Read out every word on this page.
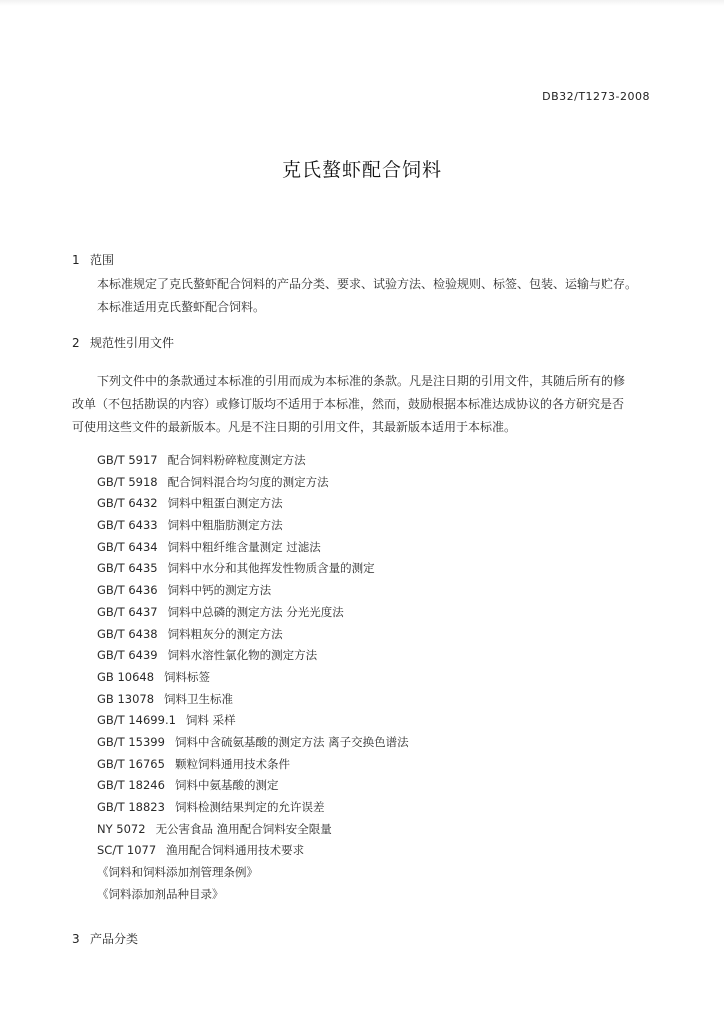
DB32/T1273-2008
克氏螯虾配合饲料
1 范围
本标准规定了克氏螯虾配合饲料的产品分类、要求、试验方法、检验规则、标签、包装、运输与贮存。
本标准适用克氏螯虾配合饲料。
2 规范性引用文件
下列文件中的条款通过本标准的引用而成为本标准的条款。凡是注日期的引用文件，其随后所有的修
改单（不包括勘误的内容）或修订版均不适用于本标准，然而，鼓励根据本标准达成协议的各方研究是否
可使用这些文件的最新版本。凡是不注日期的引用文件，其最新版本适用于本标准。
GB/T 5917 配合饲料粉碎粒度测定方法
GB/T 5918 配合饲料混合均匀度的测定方法
GB/T 6432 饲料中粗蛋白测定方法
GB/T 6433 饲料中粗脂肪测定方法
GB/T 6434 饲料中粗纤维含量测定 过滤法
GB/T 6435 饲料中水分和其他挥发性物质含量的测定
GB/T 6436 饲料中钙的测定方法
GB/T 6437 饲料中总磷的测定方法 分光光度法
GB/T 6438 饲料粗灰分的测定方法
GB/T 6439 饲料水溶性氯化物的测定方法
GB 10648 饲料标签
GB 13078 饲料卫生标准
GB/T 14699.1 饲料 采样
GB/T 15399 饲料中含硫氨基酸的测定方法 离子交换色谱法
GB/T 16765 颗粒饲料通用技术条件
GB/T 18246 饲料中氨基酸的测定
GB/T 18823 饲料检测结果判定的允许误差
NY 5072 无公害食品 渔用配合饲料安全限量
SC/T 1077 渔用配合饲料通用技术要求
《饲料和饲料添加剂管理条例》
《饲料添加剂品种目录》
3 产品分类
